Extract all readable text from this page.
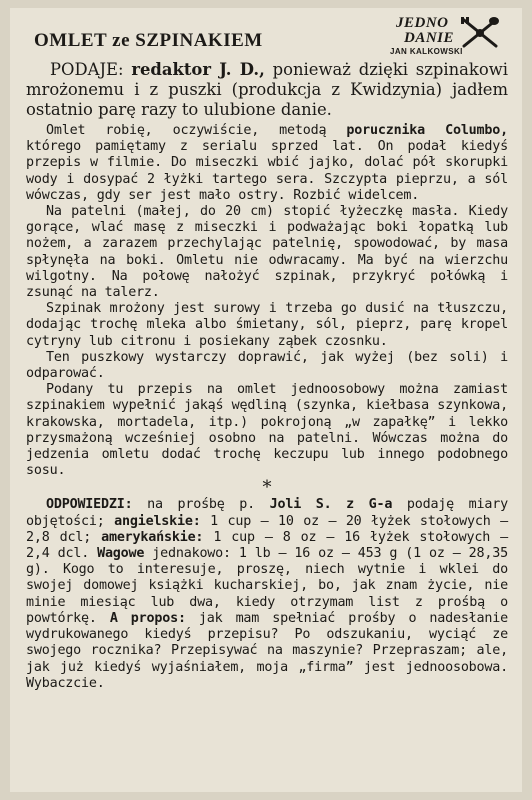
OMLET ze SZPINAKIEM
JEDNO
DANIE
JAN KALKOWSKI

PODAJE: redaktor J. D., ponieważ dzięki szpinakowi mrożonemu i z puszki (produkcja z Kwidzynia) jadłem ostatnio parę razy to ulubione danie.

Omlet robię, oczywiście, metodą porucznika Columbo, którego pamiętamy z serialu sprzed lat. On podał kiedyś przepis w filmie. Do miseczki wbić jajko, dolać pół skorupki wody i dosypać 2 łyżki tartego sera. Szczypta pieprzu, a sól wówczas, gdy ser jest mało ostry. Rozbić widelcem.

Na patelni (małej, do 20 cm) stopić łyżeczkę masła. Kiedy gorące, wlać masę z miseczki i podważając boki łopatką lub nożem, a zarazem przechylając patelnię, spowodować, by masa spłynęła na boki. Omletu nie odwracamy. Ma być na wierzchu wilgotny. Na połowę nałożyć szpinak, przykryć połówką i zsunąć na talerz.

Szpinak mrożony jest surowy i trzeba go dusić na tłuszczu, dodając trochę mleka albo śmietany, sól, pieprz, parę kropel cytryny lub citronu i posiekany ząbek czosnku.

Ten puszkowy wystarczy doprawić, jak wyżej (bez soli) i odparować.

Podany tu przepis na omlet jednoosobowy można zamiast szpinakiem wypełnić jakąś wędliną (szynka, kiełbasa szynkowa, krakowska, mortadela, itp.) pokrojoną „w zapałkę” i lekko przysmażoną wcześniej osobno na patelni. Wówczas można do jedzenia omletu dodać trochę keczupu lub innego podobnego sosu.

*

ODPOWIEDZI: na prośbę p. Joli S. z G-a podaję miary objętości; angielskie: 1 cup — 10 oz — 20 łyżek stołowych — 2,8 dcl; amerykańskie: 1 cup — 8 oz — 16 łyżek stołowych — 2,4 dcl. Wagowe jednakowo: 1 lb — 16 oz — 453 g (1 oz — 28,35 g). Kogo to interesuje, proszę, niech wytnie i wklei do swojej domowej książki kucharskiej, bo, jak znam życie, nie minie miesiąc lub dwa, kiedy otrzymam list z prośbą o powtórkę. A propos: jak mam spełniać prośby o nadesłanie wydrukowanego kiedyś przepisu? Po odszukaniu, wyciąć ze swojego rocznika? Przepisywać na maszynie? Przepraszam; ale, jak już kiedyś wyjaśniałem, moja „firma” jest jednoosobowa. Wybaczcie.
